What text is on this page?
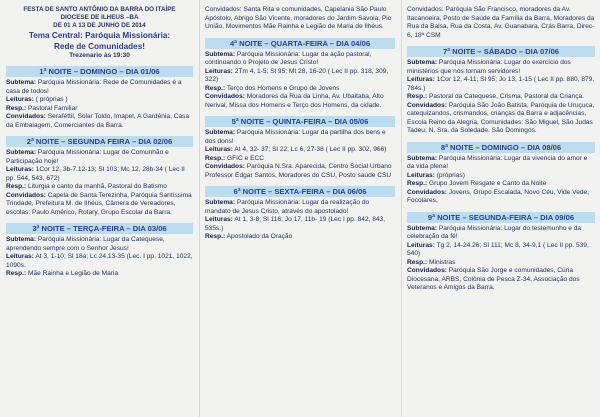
FESTA DE SANTO ANTÔNIO DA BARRA DO ITAÍPE
DIOCESE DE ILHEUS –BA
DE 01 A 13 DE JUNHO DE 2014
Tema Central: Paróquia Missionária:
Rede de Comunidades!
Trezenario às 19:30
1ª NOITE – DOMINGO – DIA 01/06
Subtema: Paróquia Missionária: Rede de Comunidades é a casa de todos!
Leituras: ( próprias )
Resp.: Pastoral Familiar
Convidados: Seraféttil, Solar Toldo, Imapel, A Gardênia, Casa da Embalagem, Comerciantes da Barra.
2ª NOITE – SEGUNDA FEIRA – DIA 02/06
Subtema: Paróquia Missionária: Lugar de Comunhão e Participação hoje!
Leituras: 1Cor 12, 3b-7.12-13; Sl 103; Mc 12, 28b-34 ( Lec II pp. 544, 543, 672)
Resp.: Liturgia e canto da manhã, Pastoral do Batismo
Convidados: Capela de Santa Terezinha, Paróquia Santíssima Trindade, Prefeitura M. de Ilhéus, Câmera de Vereadores, escolas: Paulo Américo, Rotary, Grupo Escolar da Barra.
3ª NOITE – TERÇA-FEIRA – DIA 03/06
Subtema: Paróquia Missionária: Lugar da Catequese, aprendendo sempre com o Senhor Jesus!
Leituras: At 3, 1-10; Sl 18a; Lc 24,13-35 (Lec. I pp. 1021, 1022, 1090s.
Resp.: Mãe Rainha e Legião de Maria
Convidados: Santa Rita e comunidades, Capelania São Paulo Apóstolo, Abrigo São Vicente, moradores do Jardim Savoia, Pio União, Movimentos Mãe Rainha e Legião de Maria de Ilhéus.
4ª NOITE – QUARTA-FEIRA – DIA 04/06
Subtema: Paróquia Missionária: Lugar da ação pastoral, continuando o Projeto de Jesus Cristo!
Leituras: 2Tm 4, 1-5; Sl 95; Mt 28, 16-20 ( Lec II pp. 318, 309, 322)
Resp.: Terço dos Homens e Grupo de Jovens
Convidados: Moradores da Rua da Linha, Av. Ubaitaba, Alto Nerival, Missa dos Homens e Terço dos Homens, da cidade.
5ª NOITE – QUINTA-FEIRA – DIA 05/06
Subtema: Paróquia Missionária: Lugar da partilha dos bens e dos dons!
Leituras: At 4, 32- 37; Sl 22; Lc 6, 27-38 ( Lec II pp. 302, 966)
Resp.: GFIC e ECC
Convidados: Paróquia N.Sra. Aparecida, Centro Social Urbano Professor Edgar Santos, Moradores do CSU, Posto saúde CSU
6ª NOITE – SEXTA-FEIRA – DIA 06/06
Subtema: Paróquia Missionária: Lugar da realização do mandato de Jesus Cristo, através do apostolado!
Leituras: At 1, 3-8; Sl 116; Jo 17, 11b- 19 (Lec I pp. 842, 843, 535s.)
Resp.: Apostolado da Oração
Convidados: Paróquia São Francisco, moradores da Av. Itacanoeira, Posto de Saúde da Família da Barra, Moradores da Rua da Balsa, Rua da Costa, Av. Guanabara, Crás Barra, Direc-6, 18ª CSM
7ª NOITE – SÁBADO – DIA 07/06
Subtema: Paróquia Missionária: Lugar do exercício dos ministérios que nos tornam servidores!
Leituras: 1Cor 12, 4-11; Sl 95; Jo 13, 1-15 ( Lec II pp. 880, 879, 784s.)
Resp.: Pastoral da Catequese, Crisma, Pastoral da Criança.
Convidados: Paróquia São João Batista, Paróquia de Uruçuca, catequizandos, crismandos, crianças da Barra e adjacências, Escola Reino da Alegria, Comunidades: São Miguel, São Judas Tadeu, N. Sra. da Soledade. São Domingos.
8ª NOITE – DOMINGO – DIA 08/06
Subtema: Paróquia Missionária: Lugar da vivencia do amor e da vida plena!
Leituras: (próprias)
Resp.: Grupo Jovem Resgate e Canto da Noite
Convidados: Jovens, Grupo Escalada, Novo Céu, Vide Vede, Focolares,
9ª NOITE – SEGUNDA-FEIRA – DIA 09/06
Subtema: Paróquia Missionária: Lugar do testemunho e da celebração da fé!
Leituras: Tg 2, 14-24.26; Sl 111; Mc 8, 34-9,1 ( Lec II pp. 539, 540)
Resp.: Ministras
Convidados: Paróquia São Jorge e comunidades, Cúria Diocesana, ARBS, Colônia de Pesca Z-34, Associação dos Veteranos e Amigos da Barra.
